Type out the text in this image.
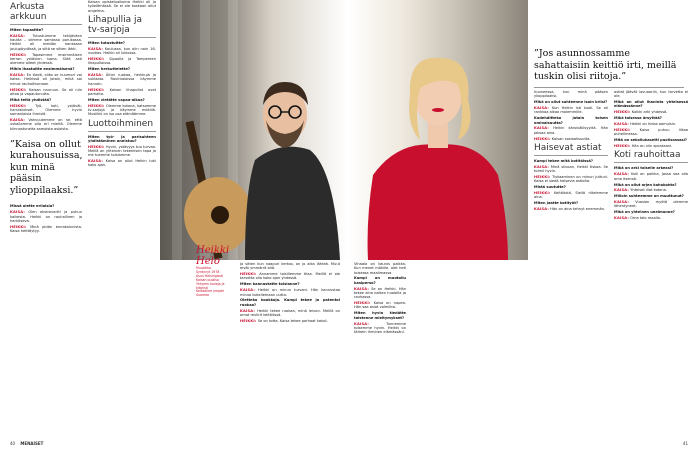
Arkusta arkkuun

Miten tapasitte?

KAISA: Tutustuimme tekijäväen kautta – olimme samassa porukassa. Heikki oli meidän kanssaan joulupöydässä, ja siitä se sitten lähti.

HEIKKI: Tapasimme ensimmäisen kerran ystävien luona. Siitä asti olemme olleet yhdessä.

Mihin ihastuitte ensimmäisenä?

KAISA: En tiedä, oliko se huumori vai katse. Heikissä oli jotain, mikä sai minut rauhoittumaan.

HEIKKI: Kaisan nauruun. Se oli niin aitoa ja vapautunutta.

Mikä teitä yhdistää?

HEIKKI: Työ, koti, ystävät, harrastukset. Olemme hyvin samanlaisia ihmisiä.

KAISA: Vahvuutemme on se, että uskallamme olla eri mieltä. Olemme kiinnostuneita samoista asioista.

”Kaisa on ollut kurahousuissa, kun minä pääsin ylioppilaaksi.”

Missä olette erilaisia?

KAISA: Olen ekstrovertti ja puhun kaikesta. Heikki on rauhallinen ja harkitseva.

HEIKKI: Minä pidän ennakoinnista. Kaisa heittäytyy.

Kaisan opiskeluaikoina Heikki oli jo työelämässä. Se ei ole koskaan ollut ongelma.

Lihapullia ja tv-sarjoja

Miten tutustuitte?

KAISA: Koulussa, kun olin noin 16-vuotias. Heikki oli lukiossa.

HEIKKI: Sipoolla ja Tampereen lihapulloissa.

Miten herkuttelette?

KAISA: Äitini ruokaa, herkkuja ja suklaata. Ravintoloissa käymme harvoin.

HEIKKI: Kaisan lihapullat ovat parhaita.

Miten vietätte vapaa-aikaa?

HEIKKI: Olemme kotona, katsomme tv-sarjoja ja käymme mökillä. Musiikki on iso osa elämäämme.

Luottoihminen

Miten työ- ja parisuhteen yhdistäminen onnistuu?

HEIKKI: Hyvin, ystävyys tuo turvaa. Meillä on yhteinen tekemisen tapa ja me tuemme toisiamme.

KAISA: Kaisa on ollut Heikin tuki koko ajan.

Heikki Helo
Muusikko
Syntynyt 1978
Asuu Helsingissä
Kaisan puoliso
Yhtyeen laulaja ja kitaristi
Keikkailee ympäri Suomea

Ja sitten kun naapuri kertoo, on jo aika lähteä. Muut eivät ymmärrä sitä.

HEIKKI: Annamme toisillemme tilaa. Meillä ei ole tarvetta olla koko ajan yhdessä.

Miten kannustatte toisianne?

KAISA: Heikki on minun turvani. Hän kannustaa minua kokeilemaan uutta.

Oletteko kookkoja. Kumpi tekee ja patentoi ruokaa?

KAISA: Heikki tekee ruokaa, minä leivon. Meillä on omat reviirit keittiössä.

HEIKKI: Se on totta. Kaisa tekee parhaat kakut.

40 MENAISET
Kaisa Mattila
Näyttelijä
Syntynyt 1977
Valmistunut teatterikorkeakoulusta
Tunnettu tv-sarjoista
Heikin puoliso

Vihaala on kaunis paikka. Kun menet mökille, olet heti toisessa maailmassa.

Kumpi on muotoilu kasiperso?

KAISA: Se on Heikki. Hän tekee aina kaiken huolella ja rauhassa.

HEIKKI: Kaisa on nopea. Hän saa asiat valmiiksi.

Miten hyvin tiedätte toistenne mieltymykset?

KAISA:	Tunnemme toisemme hyvin. Heikki on tärkein ihminen elämässäni.

”Jos asunnossamme sahattaisiin keittiö irti, meillä tuskin olisi riitoja.”

huoneessa, kun minä pääsen ylioppilaaksi.

Mikä on ollut suhteenne isoin kriisi?

KAISA: Kun Heikin isä kuoli. Se oli rankkaa aikaa molemmille.

Kadehditteko jotain toisen ominaisuutta?

KAISA: Heikin kärsivällisyyttä. Hän jaksaa aina.

HEIKKI: Kaisan sosiaalisuutta.

Haisevat astiat

Kumpi tekee mitä kotitöissä?

KAISA: Minä siivoan, Heikki tiskaa. Se toimii hyvin.

HEIKKI: Tiskaaminen on minun juttuni. Kaisa ei siedä haisevia astioita.

Mistä suututte?

HEIKKI: Keittiöstä. Siellä riitelemme aina.

Miten jaatte kotityöt?

KAISA: Hän on aina tehnyt enemmän.

astiat jäävät lavuaariin, kun tarvetta ei ole.

Mikä on ollut ihaninta yhteisessä elämässänne?

HEIKKI: Kaikki arki yhdessä.

Mikä toisessa ärsyttää?

KAISA: Heikki on hidas aamuisin.

HEIKKI:	Kaisa puhuu liikaa puhelimessa.

Mitä on sekoilukasetti puolisossasi?

HEIKKI: Hän on niin spontaani.

Koti rauhoittaa

Mikä on arki toiselle arkeasi?

KAISA: Koti on paikka, jossa saa olla oma itsensä.

Mikä on ollut arjen kohokohta?

KAISA: Yhteiset illat kotona.

Milloin suhteemme on muuttunut?

KAISA: Vuosien myötä olemme lähentyneet.

Mikä on yhteinen unelmanne?

KAISA: Oma talo maalla.

41
